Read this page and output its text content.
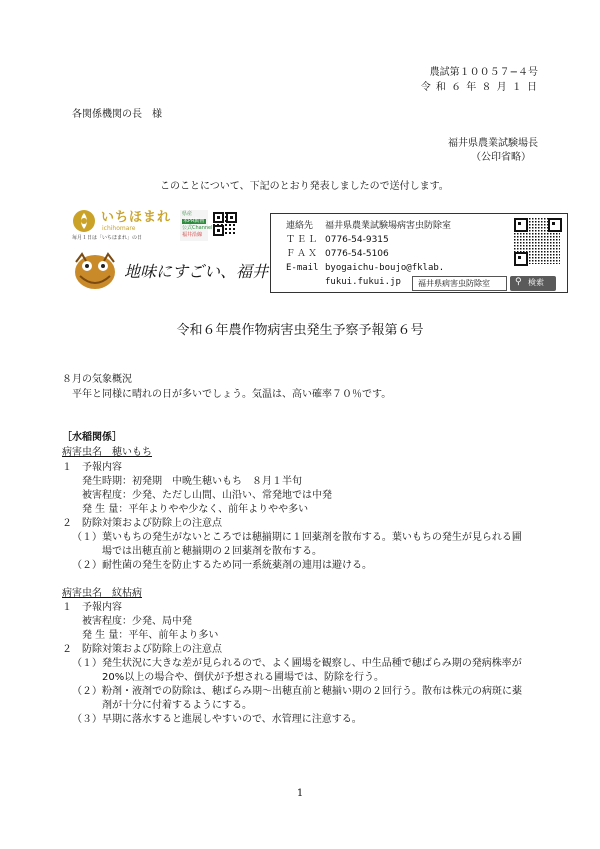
農試第１００５７−４号
令 和 ６ 年 ８ 月 １ 日
各関係機関の長　様
福井県農業試験場長
（公印省略）
このことについて、下記のとおり発表しましたので送付します。
いちほまれ
ichihomare
毎月１日は「いちほまれ」の日
県産
米PR動画
公式Channel
福井沿線
地味にすごい、福井
連絡先 福井県農業試験場病害虫防除室
ＴＥＬ 0776-54-9315
ＦＡＸ 0776-54-5106
E-mail byogaichu-boujo@fklab.
fukui.fukui.jp 福井県病害虫防除室	⚲ 検索
令和６年農作物病害虫発生予察予報第６号
８月の気象概況
平年と同様に晴れの日が多いでしょう。気温は、高い確率７０％です。
［水稲関係］
病害虫名　穂いもち
１　予報内容
発生時期：初発期　中晩生穂いもち　８月１半旬
被害程度：少発、ただし山間、山沿い、常発地では中発
発 生 量：平年よりやや少なく、前年よりやや多い
２　防除対策および防除上の注意点
（１）葉いもちの発生がないところでは穂揃期に１回薬剤を散布する。葉いもちの発生が見られる圃
場では出穂直前と穂揃期の２回薬剤を散布する。
（２）耐性菌の発生を防止するため同一系統薬剤の連用は避ける。
病害虫名　紋枯病
１　予報内容
被害程度：少発、局中発
発 生 量：平年、前年より多い
２　防除対策および防除上の注意点
（１）発生状況に大きな差が見られるので、よく圃場を観察し、中生品種で穂ばらみ期の発病株率が
20%以上の場合や、倒伏が予想される圃場では、防除を行う。
（２）粉剤・液剤での防除は、穂ばらみ期〜出穂直前と穂揃い期の２回行う。散布は株元の病斑に薬
剤が十分に付着するようにする。
（３）早期に落水すると進展しやすいので、水管理に注意する。
1
